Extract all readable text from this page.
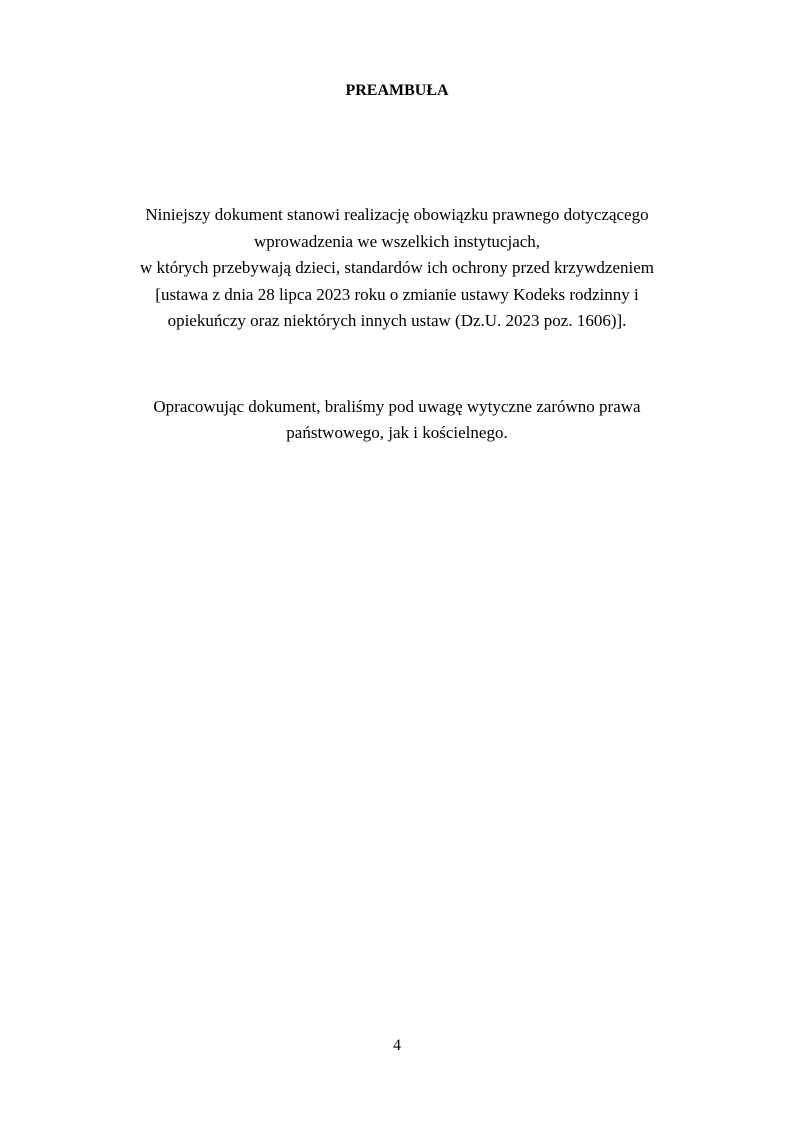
PREAMBUŁA
Niniejszy dokument stanowi realizację obowiązku prawnego dotyczącego
wprowadzenia we wszelkich instytucjach,
w których przebywają dzieci, standardów ich ochrony przed krzywdzeniem
[ustawa z dnia 28 lipca 2023 roku o zmianie ustawy Kodeks rodzinny i
opiekuńczy oraz niektórych innych ustaw (Dz.U. 2023 poz. 1606)].
Opracowując dokument, braliśmy pod uwagę wytyczne zarówno prawa
państwowego, jak i kościelnego.
4
